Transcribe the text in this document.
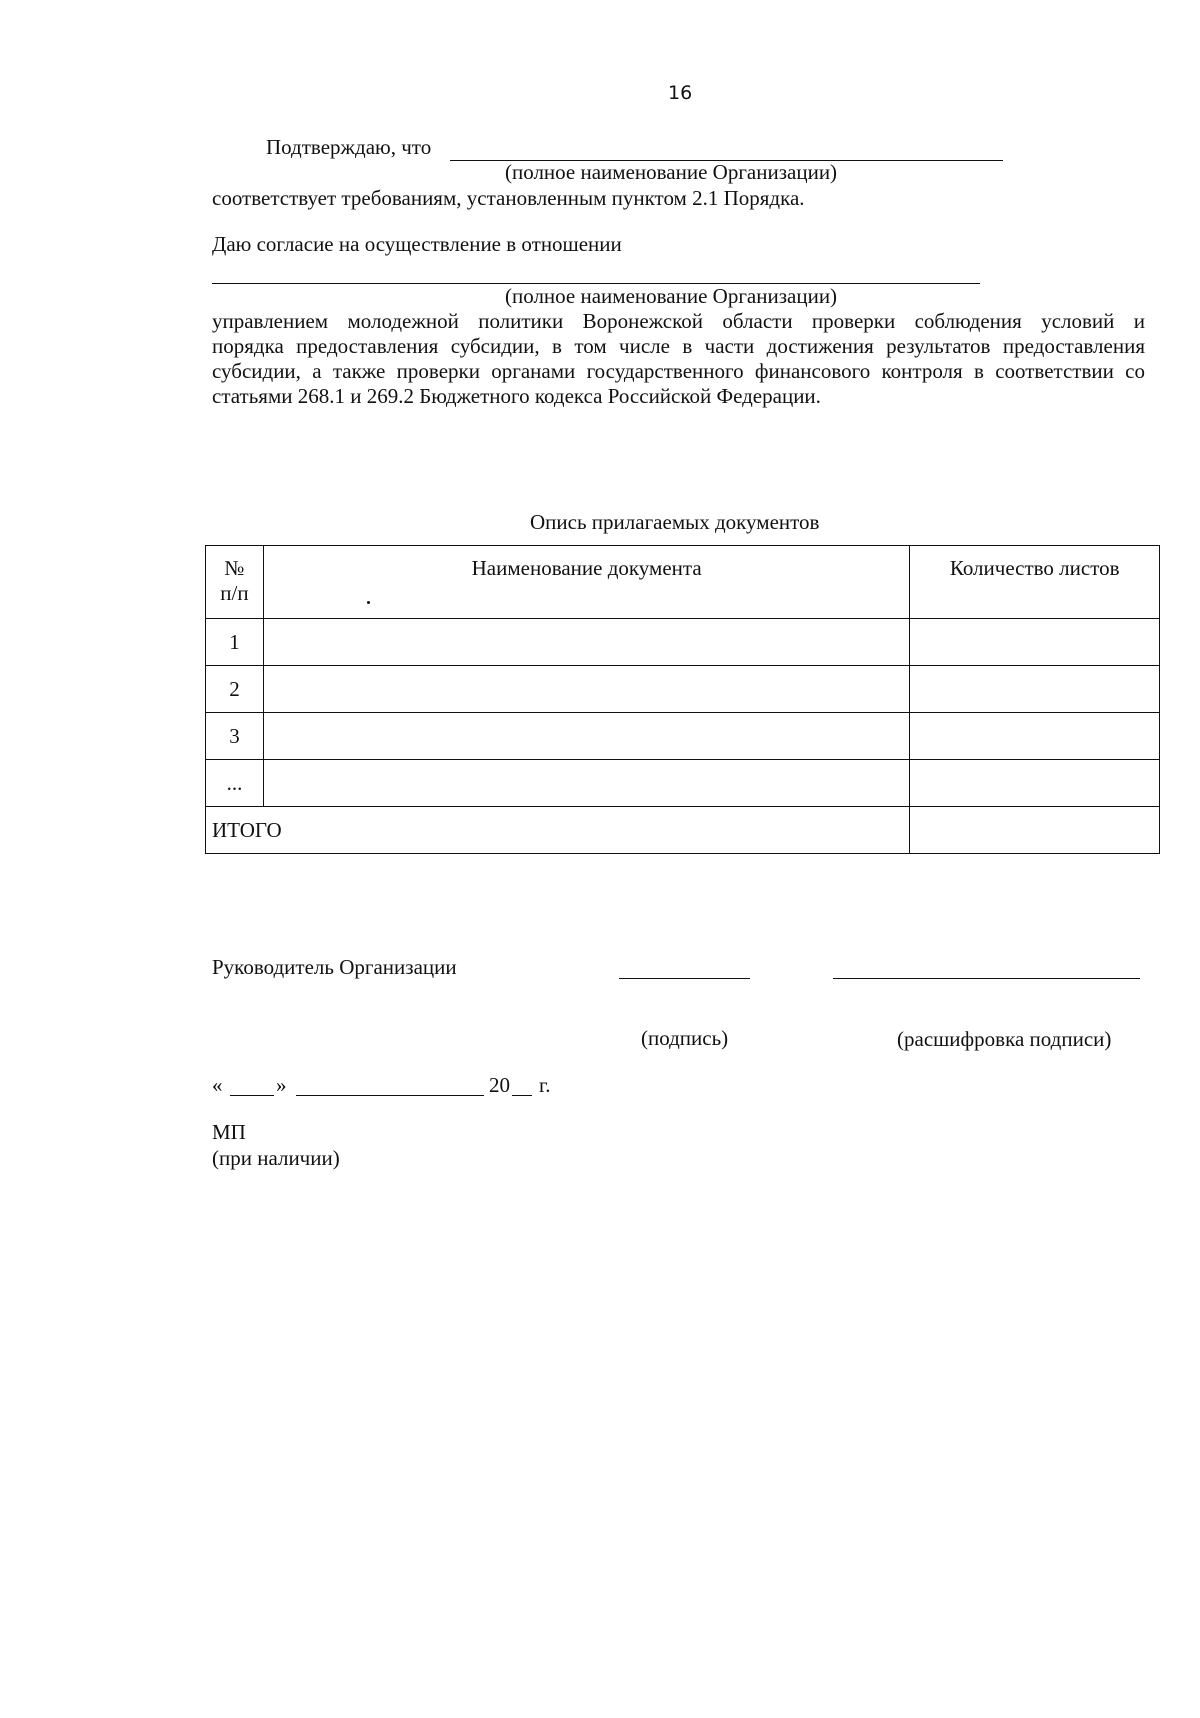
16
Подтверждаю, что
(полное наименование Организации)
соответствует требованиям, установленным пунктом 2.1 Порядка.
Даю согласие на осуществление в отношении
(полное наименование Организации)
управлением молодежной политики Воронежской области проверки соблюдения условий и
порядка предоставления субсидии, в том числе в части достижения результатов предоставления
субсидии, а также проверки органами государственного финансового контроля в соответствии со
статьями 268.1 и 269.2 Бюджетного кодекса Российской Федерации.
Опись прилагаемых документов
№
п/п	Наименование документа	Количество листов

1		
2		
3		
...		
ИТОГО		
Руководитель Организации
(подпись)	(расшифровка подписи)
«	»	20 г.
МП
(при наличии)
